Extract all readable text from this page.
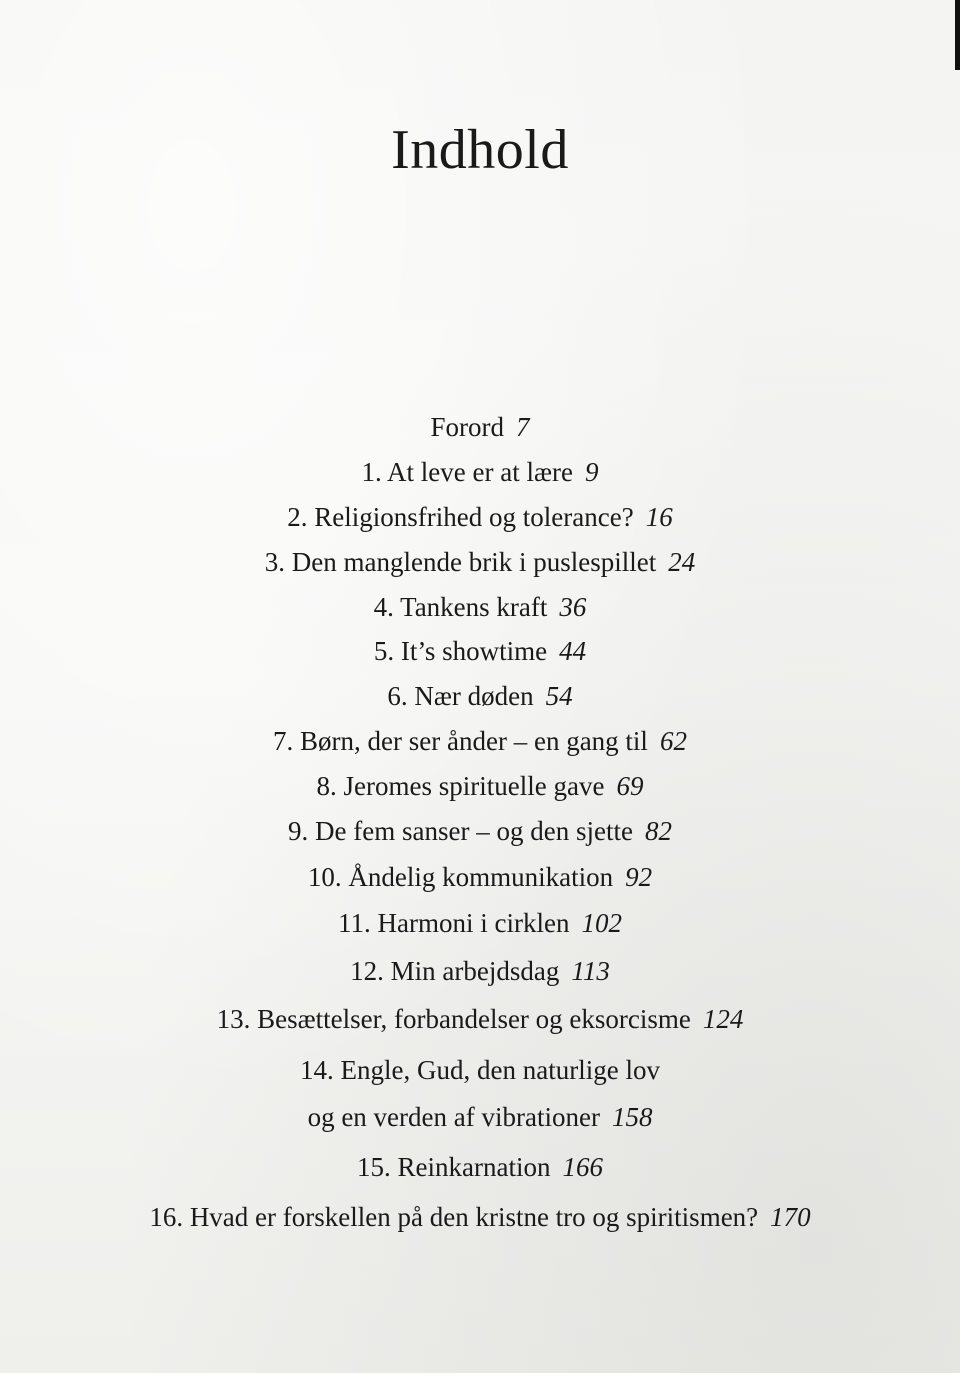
Indhold
Forord 7
1. At leve er at lære 9
2. Religionsfrihed og tolerance? 16
3. Den manglende brik i puslespillet 24
4. Tankens kraft 36
5. It’s showtime 44
6. Nær døden 54
7. Børn, der ser ånder – en gang til 62
8. Jeromes spirituelle gave 69
9. De fem sanser – og den sjette 82
10. Åndelig kommunikation 92
11. Harmoni i cirklen 102
12. Min arbejdsdag 113
13. Besættelser, forbandelser og eksorcisme 124
14. Engle, Gud, den naturlige lov
og en verden af vibrationer 158
15. Reinkarnation 166
16. Hvad er forskellen på den kristne tro og spiritismen? 170
